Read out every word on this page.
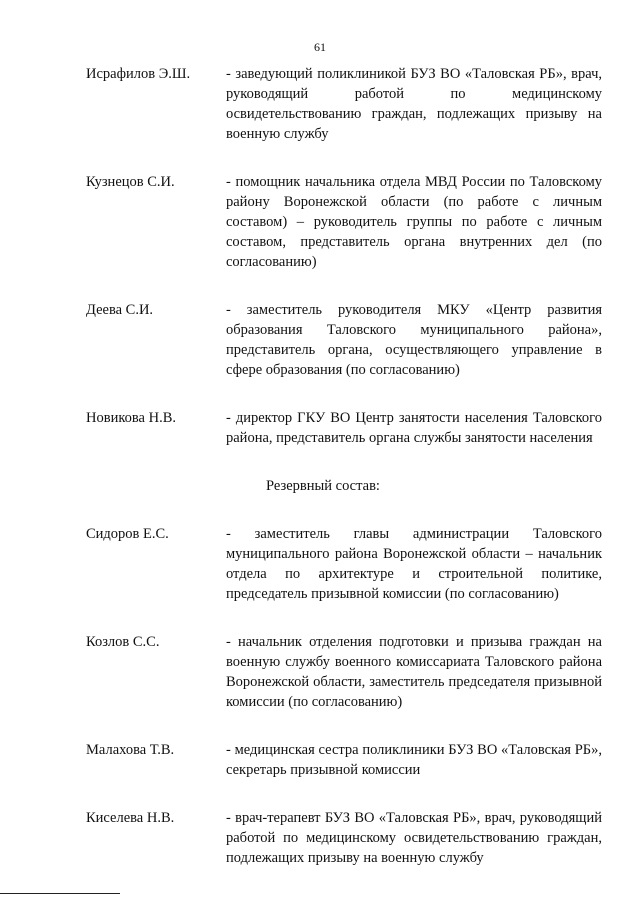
61
Исрафилов Э.Ш.	- заведующий поликлиникой БУЗ ВО «Таловская РБ», врач, руководящий работой по медицинскому освидетельствованию граждан, подлежащих призыву на военную службу
Кузнецов С.И.	- помощник начальника отдела МВД России по Таловскому району Воронежской области (по работе с личным составом) – руководитель группы по работе с личным составом, представитель органа внутренних дел (по согласованию)
Деева С.И.	- заместитель руководителя МКУ «Центр развития образования Таловского муниципального района», представитель органа, осуществляющего управление в сфере образования (по согласованию)
Новикова Н.В.	- директор ГКУ ВО Центр занятости населения Таловского района, представитель органа службы занятости населения
Резервный состав:
Сидоров Е.С.	- заместитель главы администрации Таловского муниципального района Воронежской области – начальник отдела по архитектуре и строительной политике, председатель призывной комиссии (по согласованию)
Козлов С.С.	- начальник отделения подготовки и призыва граждан на военную службу военного комиссариата Таловского района Воронежской области, заместитель председателя призывной комиссии (по согласованию)
Малахова Т.В.	- медицинская сестра поликлиники БУЗ ВО «Таловская РБ», секретарь призывной комиссии
Киселева Н.В.	- врач-терапевт БУЗ ВО «Таловская РБ», врач, руководящий работой по медицинскому освидетельствованию граждан, подлежащих призыву на военную службу
